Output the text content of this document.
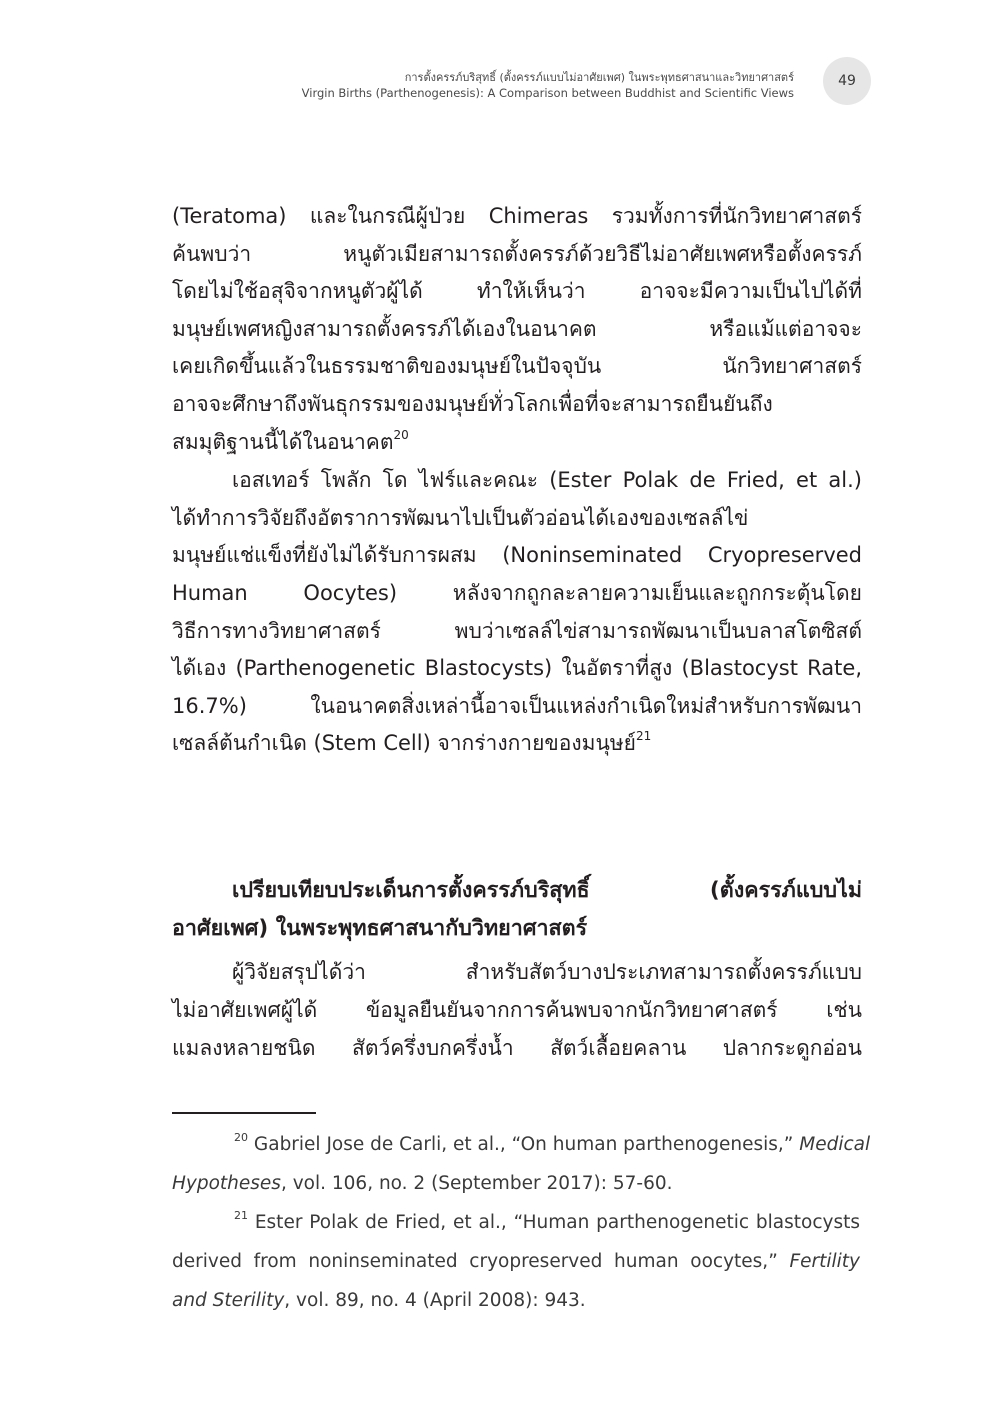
การตั้งครรภ์บริสุทธิ์ (ตั้งครรภ์แบบไม่อาศัยเพศ) ในพระพุทธศาสนาและวิทยาศาสตร์
Virgin Births (Parthenogenesis): A Comparison between Buddhist and Scientific Views
49
(Teratoma) และในกรณีผู้ป่วย Chimeras รวมทั้งการที่นักวิทยาศาสตร์
ค้นพบว่า หนูตัวเมียสามารถตั้งครรภ์ด้วยวิธีไม่อาศัยเพศหรือตั้งครรภ์
โดยไม่ใช้อสุจิจากหนูตัวผู้ได้ ทำให้เห็นว่า อาจจะมีความเป็นไปได้ที่
มนุษย์เพศหญิงสามารถตั้งครรภ์ได้เองในอนาคต หรือแม้แต่อาจจะ
เคยเกิดขึ้นแล้วในธรรมชาติของมนุษย์ในปัจจุบัน นักวิทยาศาสตร์
อาจจะศึกษาถึงพันธุกรรมของมนุษย์ทั่วโลกเพื่อที่จะสามารถยืนยันถึง
สมมุติฐานนี้ได้ในอนาคต$^{20}$
เอสเทอร์ โพลัก โด ไฟร์และคณะ (Ester Polak de Fried, et al.)
ได้ทำการวิจัยถึงอัตราการพัฒนาไปเป็นตัวอ่อนได้เองของเซลล์ไข่
มนุษย์แช่แข็งที่ยังไม่ได้รับการผสม (Noninseminated Cryopreserved
Human Oocytes) หลังจากถูกละลายความเย็นและถูกกระตุ้นโดย
วิธีการทางวิทยาศาสตร์ พบว่าเซลล์ไข่สามารถพัฒนาเป็นบลาสโตซิสต์
ได้เอง (Parthenogenetic Blastocysts) ในอัตราที่สูง (Blastocyst Rate,
16.7%) ในอนาคตสิ่งเหล่านี้อาจเป็นแหล่งกำเนิดใหม่สำหรับการพัฒนา
เซลล์ต้นกำเนิด (Stem Cell) จากร่างกายของมนุษย์$^{21}$
เปรียบเทียบประเด็นการตั้งครรภ์บริสุทธิ์ (ตั้งครรภ์แบบไม่
อาศัยเพศ) ในพระพุทธศาสนากับวิทยาศาสตร์
ผู้วิจัยสรุปได้ว่า สำหรับสัตว์บางประเภทสามารถตั้งครรภ์แบบ
ไม่อาศัยเพศผู้ได้ ข้อมูลยืนยันจากการค้นพบจากนักวิทยาศาสตร์ เช่น
แมลงหลายชนิด สัตว์ครึ่งบกครึ่งน้ำ สัตว์เลื้อยคลาน ปลากระดูกอ่อน
$^{20}$ Gabriel Jose de Carli, et al., “On human parthenogenesis,” Medical
Hypotheses, vol. 106, no. 2 (September 2017): 57-60.
$^{21}$ Ester Polak de Fried, et al., “Human parthenogenetic blastocysts
derived from noninseminated cryopreserved human oocytes,” Fertility
and Sterility, vol. 89, no. 4 (April 2008): 943.
